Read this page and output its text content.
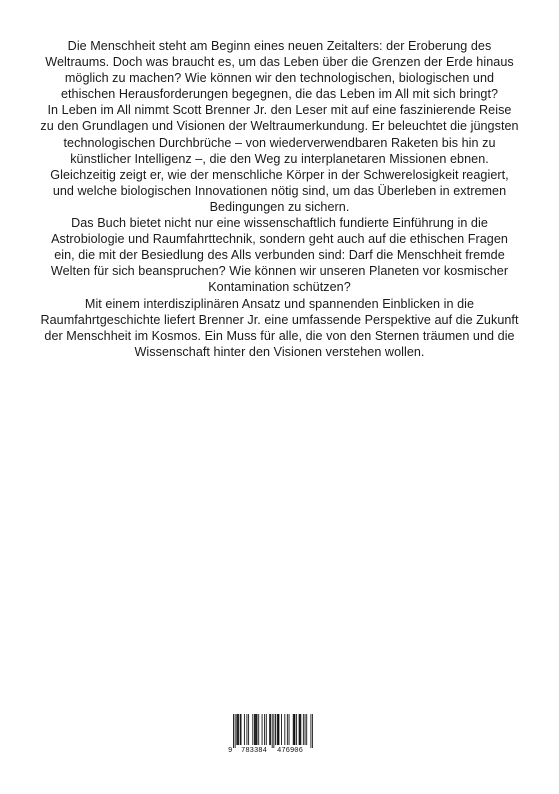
Die Menschheit steht am Beginn eines neuen Zeitalters: der Eroberung des Weltraums. Doch was braucht es, um das Leben über die Grenzen der Erde hinaus möglich zu machen? Wie können wir den technologischen, biologischen und ethischen Herausforderungen begegnen, die das Leben im All mit sich bringt?

In Leben im All nimmt Scott Brenner Jr. den Leser mit auf eine faszinierende Reise zu den Grundlagen und Visionen der Weltraumerkundung. Er beleuchtet die jüngsten technologischen Durchbrüche – von wiederverwendbaren Raketen bis hin zu künstlicher Intelligenz –, die den Weg zu interplanetaren Missionen ebnen. Gleichzeitig zeigt er, wie der menschliche Körper in der Schwerelosigkeit reagiert, und welche biologischen Innovationen nötig sind, um das Überleben in extremen Bedingungen zu sichern.

Das Buch bietet nicht nur eine wissenschaftlich fundierte Einführung in die Astrobiologie und Raumfahrttechnik, sondern geht auch auf die ethischen Fragen ein, die mit der Besiedlung des Alls verbunden sind: Darf die Menschheit fremde Welten für sich beanspruchen? Wie können wir unseren Planeten vor kosmischer Kontamination schützen?

Mit einem interdisziplinären Ansatz und spannenden Einblicken in die Raumfahrtgeschichte liefert Brenner Jr. eine umfassende Perspektive auf die Zukunft der Menschheit im Kosmos. Ein Muss für alle, die von den Sternen träumen und die Wissenschaft hinter den Visionen verstehen wollen.

9 783384 476906
